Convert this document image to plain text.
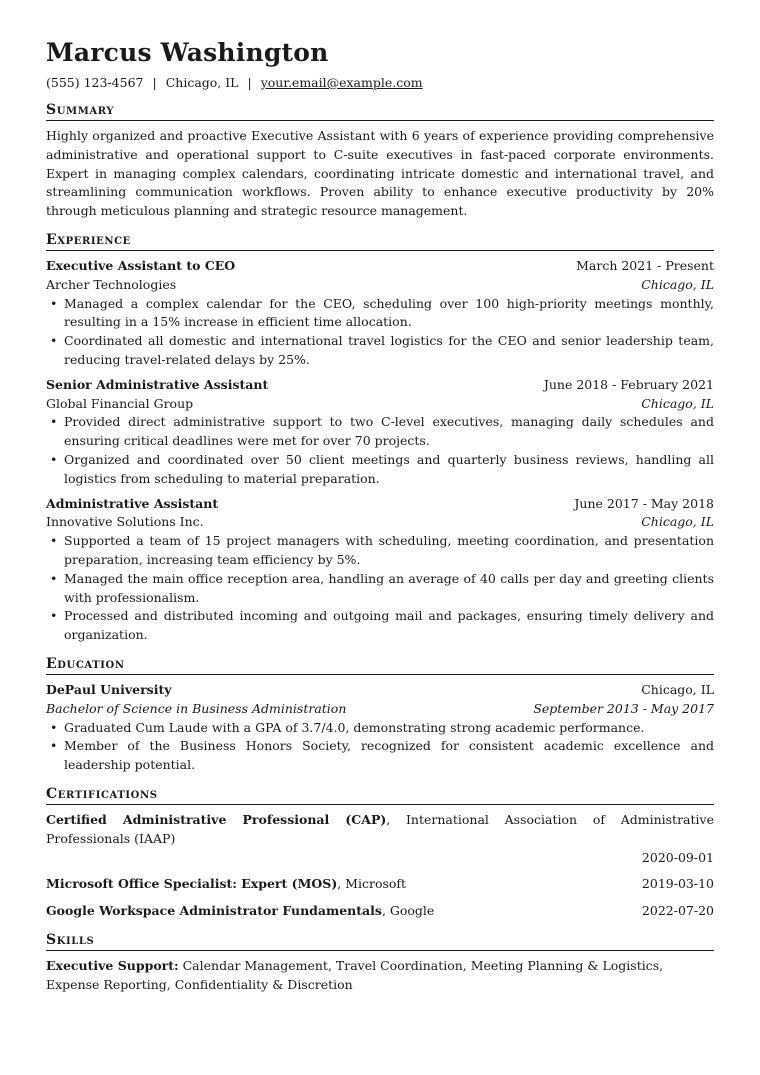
Marcus Washington
(555) 123-4567 | Chicago, IL | your.email@example.com
Summary
Highly organized and proactive Executive Assistant with 6 years of experience providing comprehensive administrative and operational support to C-suite executives in fast-paced corporate environments. Expert in managing complex calendars, coordinating intricate domestic and international travel, and streamlining communication workflows. Proven ability to enhance executive productivity by 20% through meticulous planning and strategic resource management.
Experience
Executive Assistant to CEO	March 2021 - Present
Archer Technologies	Chicago, IL
• Managed a complex calendar for the CEO, scheduling over 100 high-priority meetings monthly, resulting in a 15% increase in efficient time allocation.
• Coordinated all domestic and international travel logistics for the CEO and senior leadership team, reducing travel-related delays by 25%.
Senior Administrative Assistant	June 2018 - February 2021
Global Financial Group	Chicago, IL
• Provided direct administrative support to two C-level executives, managing daily schedules and ensuring critical deadlines were met for over 70 projects.
• Organized and coordinated over 50 client meetings and quarterly business reviews, handling all logistics from scheduling to material preparation.
Administrative Assistant	June 2017 - May 2018
Innovative Solutions Inc.	Chicago, IL
• Supported a team of 15 project managers with scheduling, meeting coordination, and presentation preparation, increasing team efficiency by 5%.
• Managed the main office reception area, handling an average of 40 calls per day and greeting clients with professionalism.
• Processed and distributed incoming and outgoing mail and packages, ensuring timely delivery and organization.
Education
DePaul University	Chicago, IL
Bachelor of Science in Business Administration	September 2013 - May 2017
• Graduated Cum Laude with a GPA of 3.7/4.0, demonstrating strong academic performance.
• Member of the Business Honors Society, recognized for consistent academic excellence and leadership potential.
Certifications
Certified Administrative Professional (CAP), International Association of Administrative Professionals (IAAP)
2020-09-01
Microsoft Office Specialist: Expert (MOS), Microsoft	2019-03-10
Google Workspace Administrator Fundamentals, Google	2022-07-20
Skills
Executive Support: Calendar Management, Travel Coordination, Meeting Planning & Logistics, Expense Reporting, Confidentiality & Discretion
